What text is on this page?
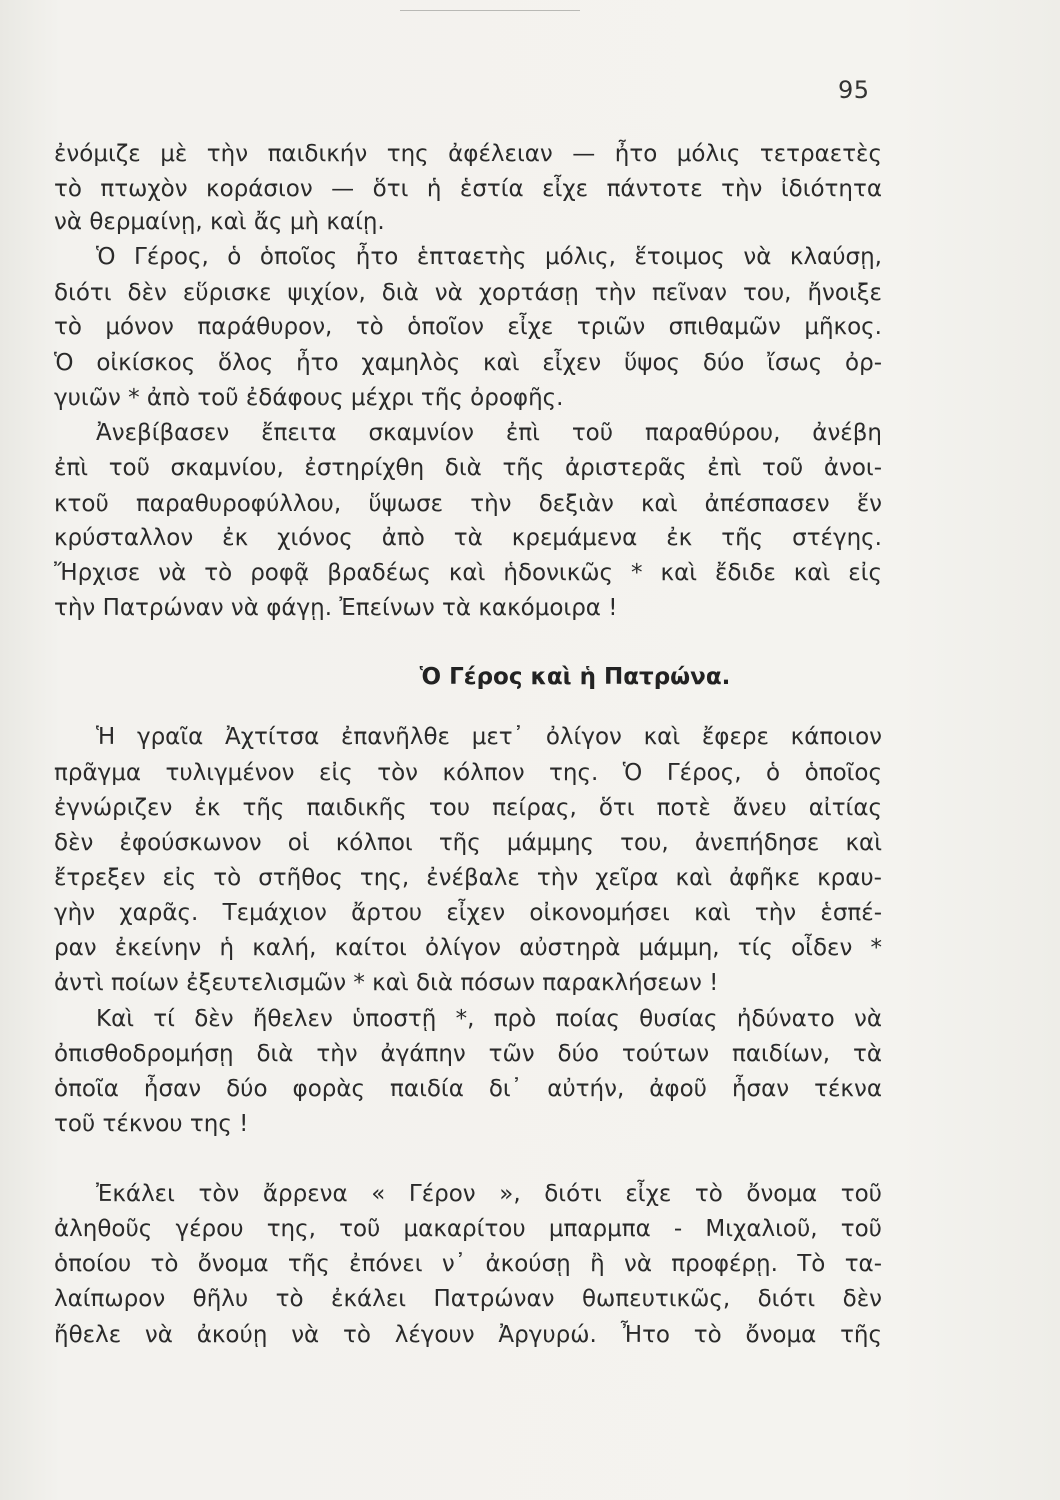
95
ἐνόμιζε μὲ τὴν παιδικήν της ἀφέλειαν — ἦτο μόλις τετραετὲς
τὸ πτωχὸν κοράσιον — ὅτι ἡ ἑστία εἶχε πάντοτε τὴν ἰδιότητα
νὰ θερμαίνῃ, καὶ ἄς μὴ καίῃ.
Ὁ Γέρος, ὁ ὁποῖος ἦτο ἑπταετὴς μόλις, ἕτοιμος νὰ κλαύσῃ,
διότι δὲν εὕρισκε ψιχίον, διὰ νὰ χορτάσῃ τὴν πεῖναν του, ἤνοιξε
τὸ μόνον παράθυρον, τὸ ὁποῖον εἶχε τριῶν σπιθαμῶν μῆκος.
Ὁ οἰκίσκος ὅλος ἦτο χαμηλὸς καὶ εἶχεν ὕψος δύο ἴσως ὀρ-
γυιῶν * ἀπὸ τοῦ ἐδάφους μέχρι τῆς ὀροφῆς.
Ἀνεβίβασεν ἔπειτα σκαμνίον ἐπὶ τοῦ παραθύρου, ἀνέβη
ἐπὶ τοῦ σκαμνίου, ἐστηρίχθη διὰ τῆς ἀριστερᾶς ἐπὶ τοῦ ἀνοι-
κτοῦ παραθυροφύλλου, ὕψωσε τὴν δεξιὰν καὶ ἀπέσπασεν ἕν
κρύσταλλον ἐκ χιόνος ἀπὸ τὰ κρεμάμενα ἐκ τῆς στέγης.
Ἤρχισε νὰ τὸ ροφᾷ βραδέως καὶ ἡδονικῶς * καὶ ἔδιδε καὶ εἰς
τὴν Πατρώναν νὰ φάγῃ. Ἐπείνων τὰ κακόμοιρα !
Ὁ Γέρος καὶ ἡ Πατρώνα.
Ἡ γραῖα Ἀχτίτσα ἐπανῆλθε μετ᾽ ὀλίγον καὶ ἔφερε κάποιον
πρᾶγμα τυλιγμένον εἰς τὸν κόλπον της. Ὁ Γέρος, ὁ ὁποῖος
ἐγνώριζεν ἐκ τῆς παιδικῆς του πείρας, ὅτι ποτὲ ἄνευ αἰτίας
δὲν ἐφούσκωνον οἱ κόλποι τῆς μάμμης του, ἀνεπήδησε καὶ
ἔτρεξεν εἰς τὸ στῆθος της, ἐνέβαλε τὴν χεῖρα καὶ ἀφῆκε κραυ-
γὴν χαρᾶς. Τεμάχιον ἄρτου εἶχεν οἰκονομήσει καὶ τὴν ἑσπέ-
ραν ἐκείνην ἡ καλή, καίτοι ὀλίγον αὐστηρὰ μάμμη, τίς οἶδεν *
ἀντὶ ποίων ἐξευτελισμῶν * καὶ διὰ πόσων παρακλήσεων !
Καὶ τί δὲν ἤθελεν ὑποστῇ *, πρὸ ποίας θυσίας ἠδύνατο νὰ
ὀπισθοδρομήσῃ διὰ τὴν ἀγάπην τῶν δύο τούτων παιδίων, τὰ
ὁποῖα ἦσαν δύο φορὰς παιδία δι᾽ αὐτήν, ἀφοῦ ἦσαν τέκνα
τοῦ τέκνου της !
Ἐκάλει τὸν ἄρρενα « Γέρον », διότι εἶχε τὸ ὄνομα τοῦ
ἀληθοῦς γέρου της, τοῦ μακαρίτου μπαρμπα - Μιχαλιοῦ, τοῦ
ὁποίου τὸ ὄνομα τῆς ἐπόνει ν᾽ ἀκούσῃ ἢ νὰ προφέρῃ. Τὸ τα-
λαίπωρον θῆλυ τὸ ἐκάλει Πατρώναν θωπευτικῶς, διότι δὲν
ἤθελε νὰ ἀκούῃ νὰ τὸ λέγουν Ἀργυρώ. Ἦτο τὸ ὄνομα τῆς
